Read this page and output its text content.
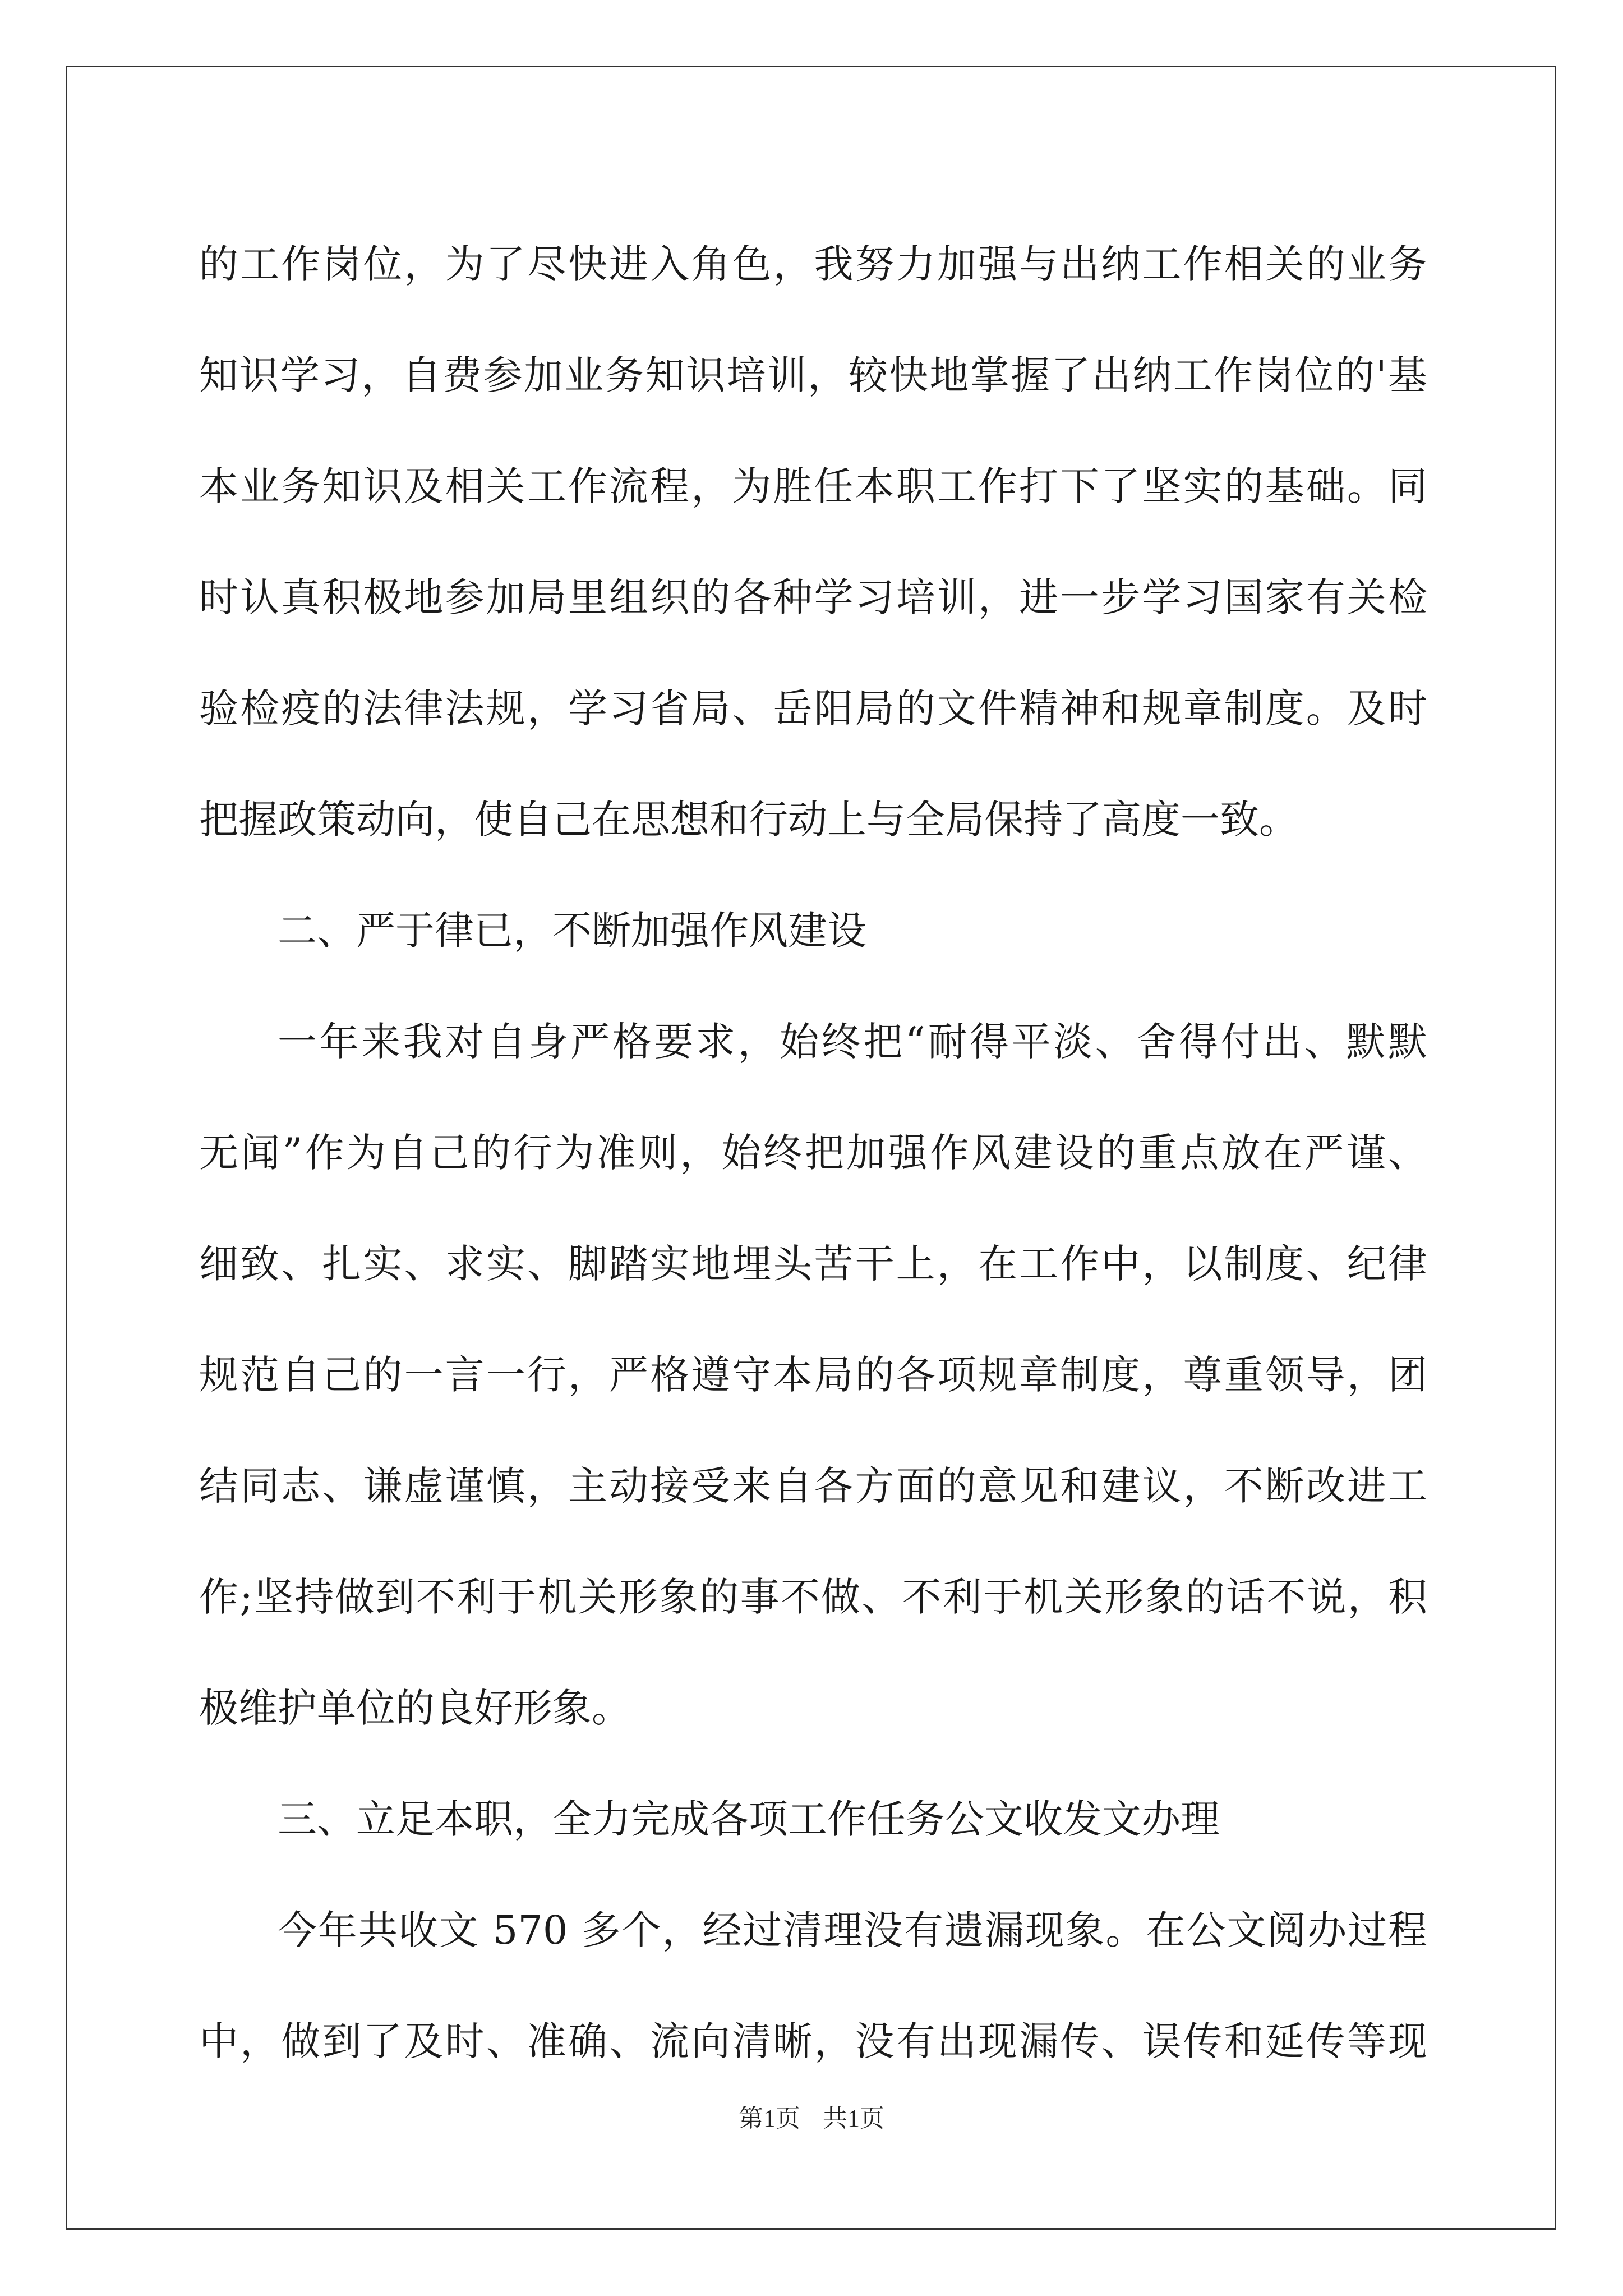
的工作岗位，为了尽快进入角色，我努力加强与出纳工作相关的业务
知识学习，自费参加业务知识培训，较快地掌握了出纳工作岗位的'基
本业务知识及相关工作流程，为胜任本职工作打下了坚实的基础。同
时认真积极地参加局里组织的各种学习培训，进一步学习国家有关检
验检疫的法律法规，学习省局、岳阳局的文件精神和规章制度。及时
把握政策动向，使自己在思想和行动上与全局保持了高度一致。
二、严于律已，不断加强作风建设
一年来我对自身严格要求，始终把“耐得平淡、舍得付出、默默
无闻”作为自己的行为准则，始终把加强作风建设的重点放在严谨、
细致、扎实、求实、脚踏实地埋头苦干上，在工作中，以制度、纪律
规范自己的一言一行，严格遵守本局的各项规章制度，尊重领导，团
结同志、谦虚谨慎，主动接受来自各方面的意见和建议，不断改进工
作;坚持做到不利于机关形象的事不做、不利于机关形象的话不说，积
极维护单位的良好形象。
三、立足本职，全力完成各项工作任务公文收发文办理
今年共收文 570 多个，经过清理没有遗漏现象。在公文阅办过程
中，做到了及时、准确、流向清晰，没有出现漏传、误传和延传等现
第1页 共1页
